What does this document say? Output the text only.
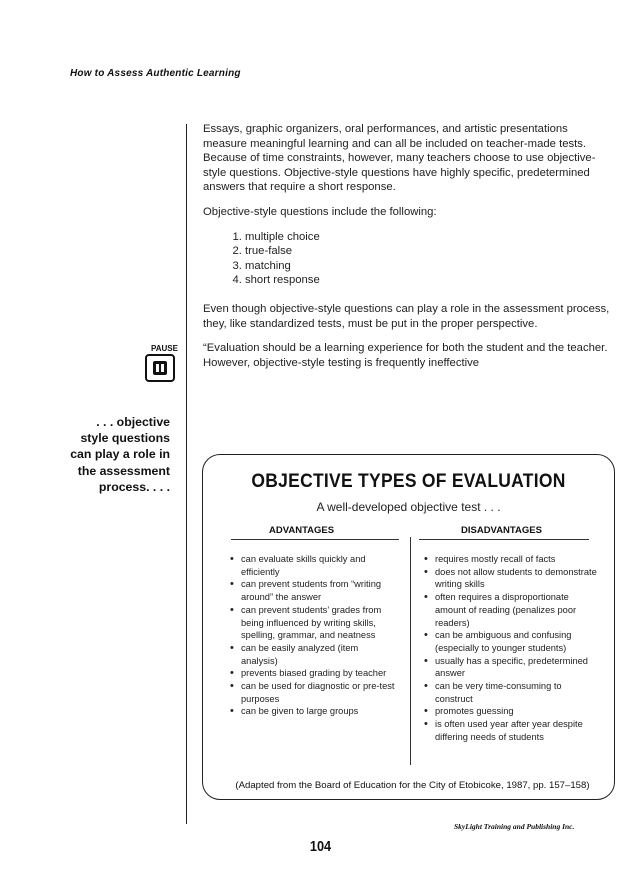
How to Assess Authentic Learning

Essays, graphic organizers, oral performances, and artistic presentations measure meaningful learning and can all be included on teacher-made tests. Because of time constraints, however, many teachers choose to use objective-style questions. Objective-style questions have highly specific, predetermined answers that require a short response.

Objective-style questions include the following:

1. multiple choice
2. true-false
3. matching
4. short response

Even though objective-style questions can play a role in the assessment process, they, like standardized tests, must be put in the proper perspective.

“Evaluation should be a learning experience for both the student and the teacher. However, objective-style testing is frequently ineffective

PAUSE
. . . objective style questions can play a role in the assessment process. . . .	OBJECTIVE TYPES OF EVALUATION
A well-developed objective test . . .
ADVANTAGES	DISADVANTAGES
• can evaluate skills quickly and efficiently
• can prevent students from “writing around” the answer
• can prevent students’ grades from being influenced by writing skills, spelling, grammar, and neatness
• can be easily analyzed (item analysis)
• prevents biased grading by teacher
• can be used for diagnostic or pre-test purposes
• can be given to large groups
• requires mostly recall of facts
• does not allow students to demonstrate writing skills
• often requires a disproportionate amount of reading (penalizes poor readers)
• can be ambiguous and confusing (especially to younger students)
• usually has a specific, predetermined answer
• can be very time-consuming to construct
• promotes guessing
• is often used year after year despite differing needs of students
(Adapted from the Board of Education for the City of Etobicoke, 1987, pp. 157–158)
SkyLight Training and Publishing Inc.
104
